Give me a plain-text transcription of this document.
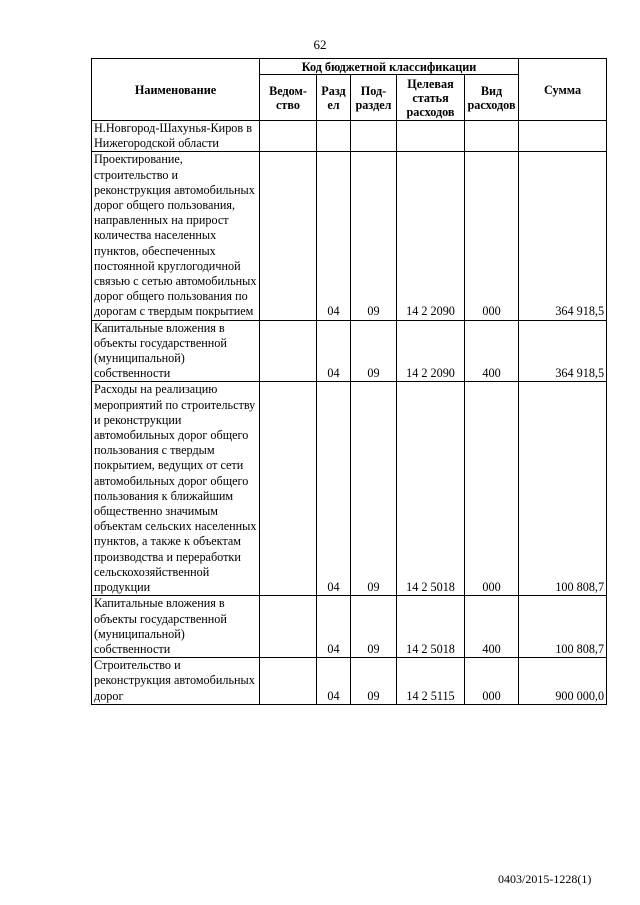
62
Наименование	Код бюджетной классификации					Сумма
	Ведом-ство	Разд ел	Под-раздел	Целевая статья расходов	Вид расходов	
Н.Новгород-Шахунья-Киров в Нижегородской области						
Проектирование, строительство и реконструкция автомобильных дорог общего пользования, направленных на прирост количества населенных пунктов, обеспеченных постоянной круглогодичной связью с сетью автомобильных дорог общего пользования по дорогам с твердым покрытием		04	09	14 2 2090	000	364 918,5
Капитальные вложения в объекты государственной (муниципальной) собственности		04	09	14 2 2090	400	364 918,5
Расходы на реализацию мероприятий по строительству и реконструкции автомобильных дорог общего пользования с твердым покрытием, ведущих от сети автомобильных дорог общего пользования к ближайшим общественно значимым объектам сельских населенных пунктов, а также к объектам производства и переработки сельскохозяйственной продукции		04	09	14 2 5018	000	100 808,7
Капитальные вложения в объекты государственной (муниципальной) собственности		04	09	14 2 5018	400	100 808,7
Строительство и реконструкция автомобильных дорог		04	09	14 2 5115	000	900 000,0
0403/2015-1228(1)
